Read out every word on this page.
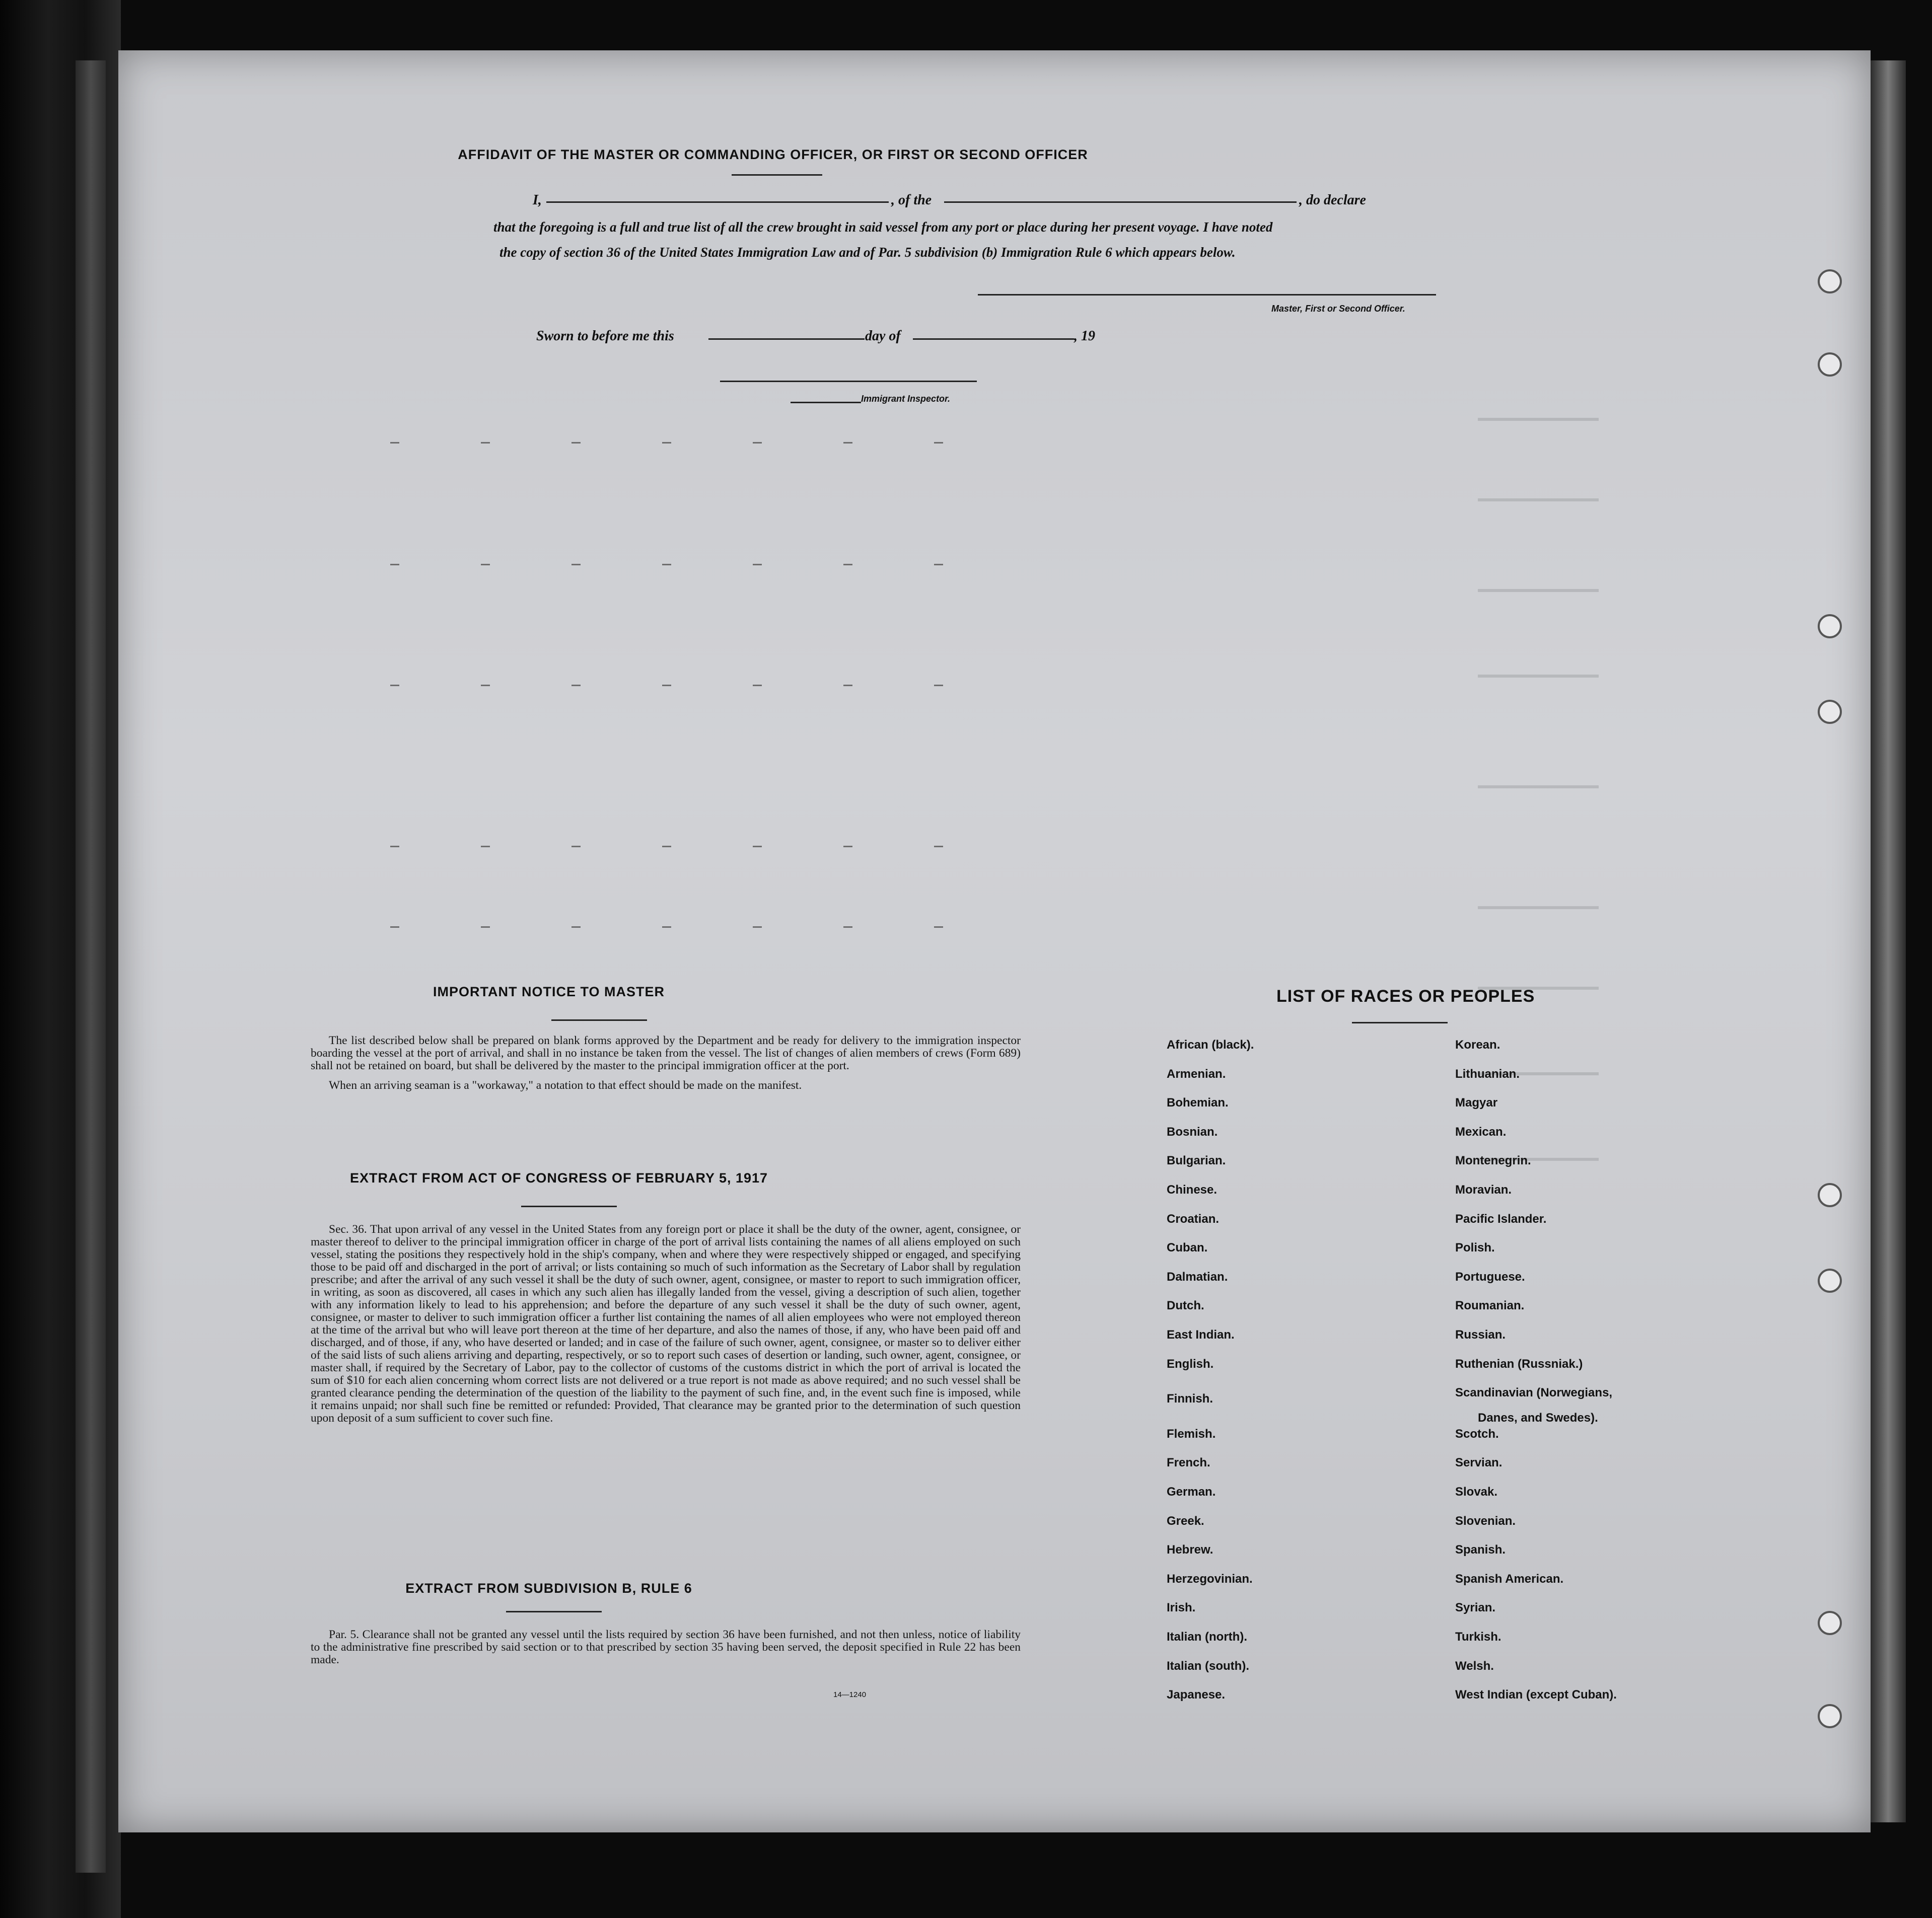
AFFIDAVIT OF THE MASTER OR COMMANDING OFFICER, OR FIRST OR SECOND OFFICER
I,	, of the	, do declare
that the foregoing is a full and true list of all the crew brought in said vessel from any port or place during her present voyage. I have noted
the copy of section 36 of the United States Immigration Law and of Par. 5 subdivision (b) Immigration Rule 6 which appears below.
Master, First or Second Officer.
Sworn to before me this	day of	, 19
Immigrant Inspector.
IMPORTANT NOTICE TO MASTER

The list described below shall be prepared on blank forms approved by the Department and be ready for delivery to the immigration inspector boarding the vessel at the port of arrival, and shall in no instance be taken from the vessel. The list of changes of alien members of crews (Form 689) shall not be retained on board, but shall be delivered by the master to the principal immigration officer at the port.

When an arriving seaman is a "workaway," a notation to that effect should be made on the manifest.

EXTRACT FROM ACT OF CONGRESS OF FEBRUARY 5, 1917

Sec. 36. That upon arrival of any vessel in the United States from any foreign port or place it shall be the duty of the owner, agent, consignee, or master thereof to deliver to the principal immigration officer in charge of the port of arrival lists containing the names of all aliens employed on such vessel, stating the positions they respectively hold in the ship's company, when and where they were respectively shipped or engaged, and specifying those to be paid off and discharged in the port of arrival; or lists containing so much of such information as the Secretary of Labor shall by regulation prescribe; and after the arrival of any such vessel it shall be the duty of such owner, agent, consignee, or master to report to such immigration officer, in writing, as soon as discovered, all cases in which any such alien has illegally landed from the vessel, giving a description of such alien, together with any information likely to lead to his apprehension; and before the departure of any such vessel it shall be the duty of such owner, agent, consignee, or master to deliver to such immigration officer a further list containing the names of all alien employees who were not employed thereon at the time of the arrival but who will leave port thereon at the time of her departure, and also the names of those, if any, who have been paid off and discharged, and of those, if any, who have deserted or landed; and in case of the failure of such owner, agent, consignee, or master so to deliver either of the said lists of such aliens arriving and departing, respectively, or so to report such cases of desertion or landing, such owner, agent, consignee, or master shall, if required by the Secretary of Labor, pay to the collector of customs of the customs district in which the port of arrival is located the sum of $10 for each alien concerning whom correct lists are not delivered or a true report is not made as above required; and no such vessel shall be granted clearance pending the determination of the question of the liability to the payment of such fine, and, in the event such fine is imposed, while it remains unpaid; nor shall such fine be remitted or refunded: Provided, That clearance may be granted prior to the determination of such question upon deposit of a sum sufficient to cover such fine.

EXTRACT FROM SUBDIVISION B, RULE 6

Par. 5. Clearance shall not be granted any vessel until the lists required by section 36 have been furnished, and not then unless, notice of liability to the administrative fine prescribed by said section or to that prescribed by section 35 having been served, the deposit specified in Rule 22 has been made.

14—1240
LIST OF RACES OR PEOPLES
African (black).
Armenian.
Bohemian.
Bosnian.
Bulgarian.
Chinese.
Croatian.
Cuban.
Dalmatian.
Dutch.
East Indian.
English.
Finnish.
Flemish.
French.
German.
Greek.
Hebrew.
Herzegovinian.
Irish.
Italian (north).
Italian (south).
Japanese.
Korean.
Lithuanian.
Magyar
Mexican.
Montenegrin.
Moravian.
Pacific Islander.
Polish.
Portuguese.
Roumanian.
Russian.
Ruthenian (Russniak.)
Scandinavian (Norwegians,
Danes, and Swedes).
Scotch.
Servian.
Slovak.
Slovenian.
Spanish.
Spanish American.
Syrian.
Turkish.
Welsh.
West Indian (except Cuban).
